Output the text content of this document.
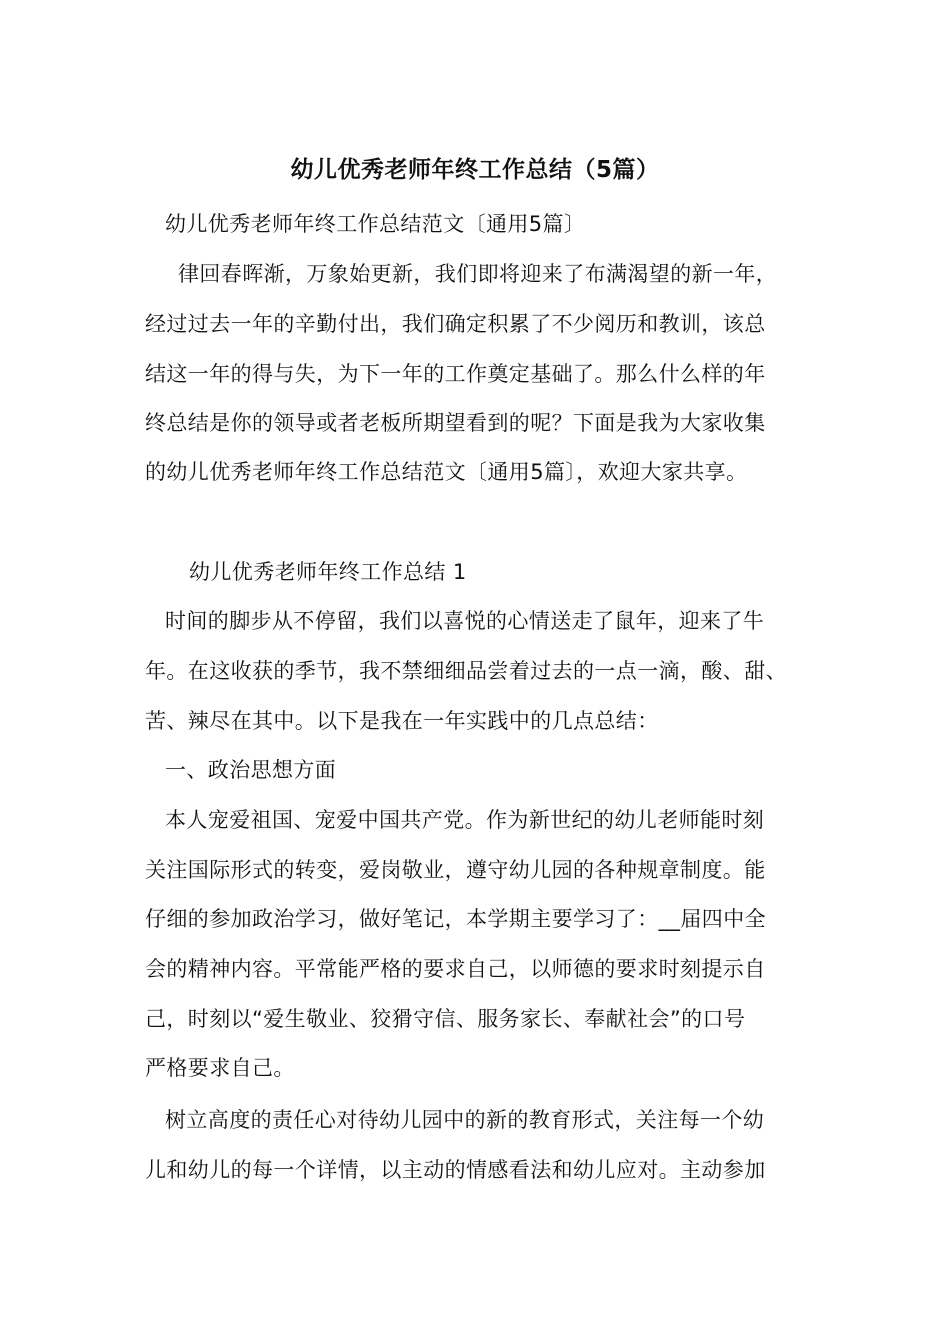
幼儿优秀老师年终工作总结（5篇）
幼儿优秀老师年终工作总结范文〔通用5篇〕
律回春晖渐，万象始更新，我们即将迎来了布满渴望的新一年，
经过过去一年的辛勤付出，我们确定积累了不少阅历和教训，该总
结这一年的得与失，为下一年的工作奠定基础了。那么什么样的年
终总结是你的领导或者老板所期望看到的呢？下面是我为大家收集
的幼儿优秀老师年终工作总结范文〔通用5篇〕，欢迎大家共享。
幼儿优秀老师年终工作总结 1
时间的脚步从不停留，我们以喜悦的心情送走了鼠年，迎来了牛
年。在这收获的季节，我不禁细细品尝着过去的一点一滴，酸、甜、
苦、辣尽在其中。以下是我在一年实践中的几点总结：
一、政治思想方面
本人宠爱祖国、宠爱中国共产党。作为新世纪的幼儿老师能时刻
关注国际形式的转变，爱岗敬业，遵守幼儿园的各种规章制度。能
仔细的参加政治学习，做好笔记，本学期主要学习了：__届四中全
会的精神内容。平常能严格的要求自己，以师德的要求时刻提示自
己，时刻以“爱生敬业、狡猾守信、服务家长、奉献社会”的口号
严格要求自己。
树立高度的责任心对待幼儿园中的新的教育形式，关注每一个幼
儿和幼儿的每一个详情，以主动的情感看法和幼儿应对。主动参加
